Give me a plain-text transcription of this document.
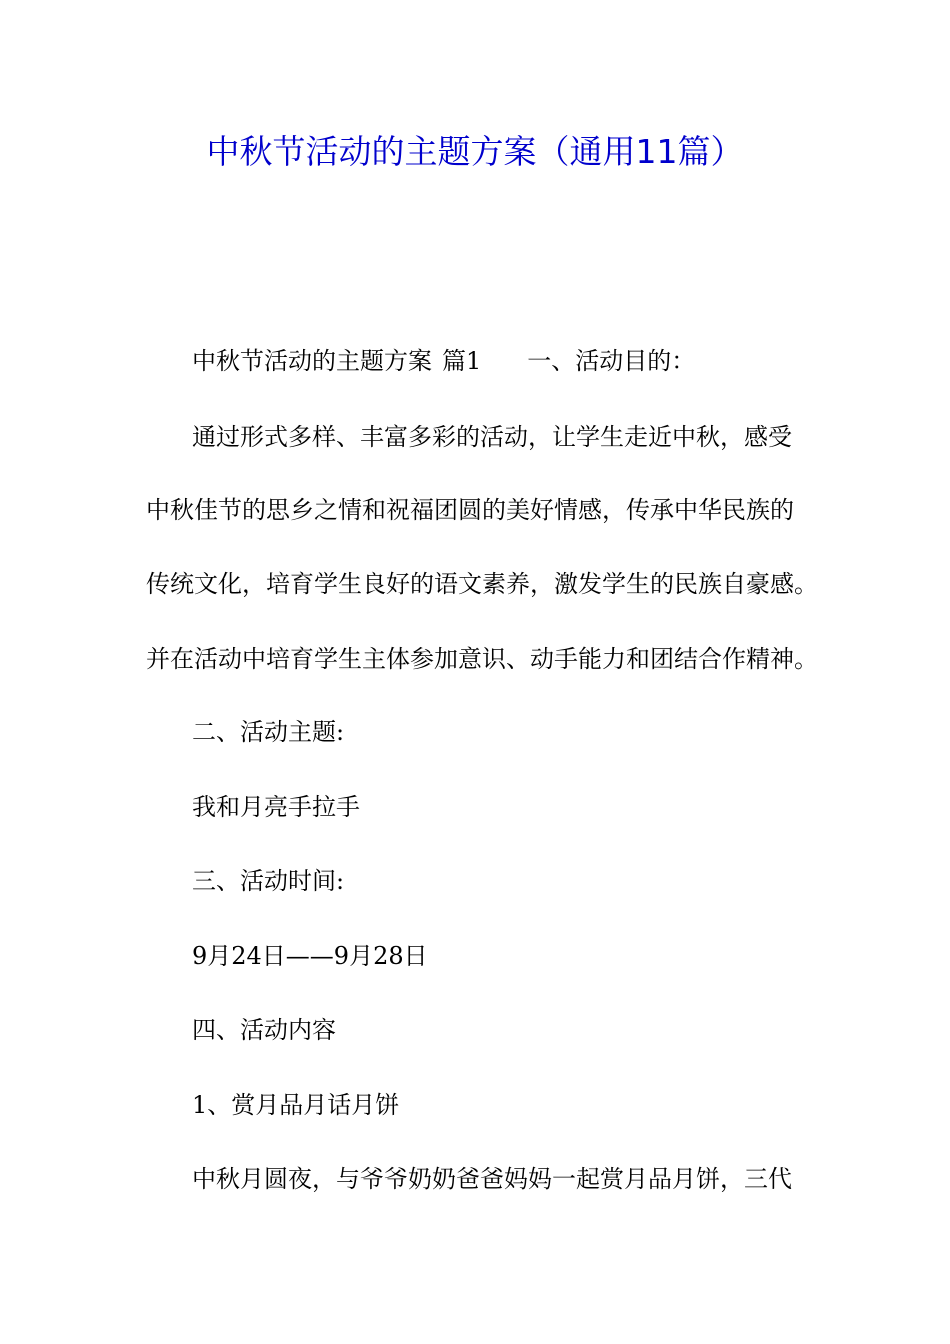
中秋节活动的主题方案（通用11篇）
中秋节活动的主题方案 篇1 一、活动目的：
通过形式多样、丰富多彩的活动，让学生走近中秋，感受
中秋佳节的思乡之情和祝福团圆的美好情感，传承中华民族的
传统文化，培育学生良好的语文素养，激发学生的民族自豪感。
并在活动中培育学生主体参加意识、动手能力和团结合作精神。
二、活动主题:
我和月亮手拉手
三、活动时间:
9月24日——9月28日
四、活动内容
1、赏月品月话月饼
中秋月圆夜，与爷爷奶奶爸爸妈妈一起赏月品月饼，三代
